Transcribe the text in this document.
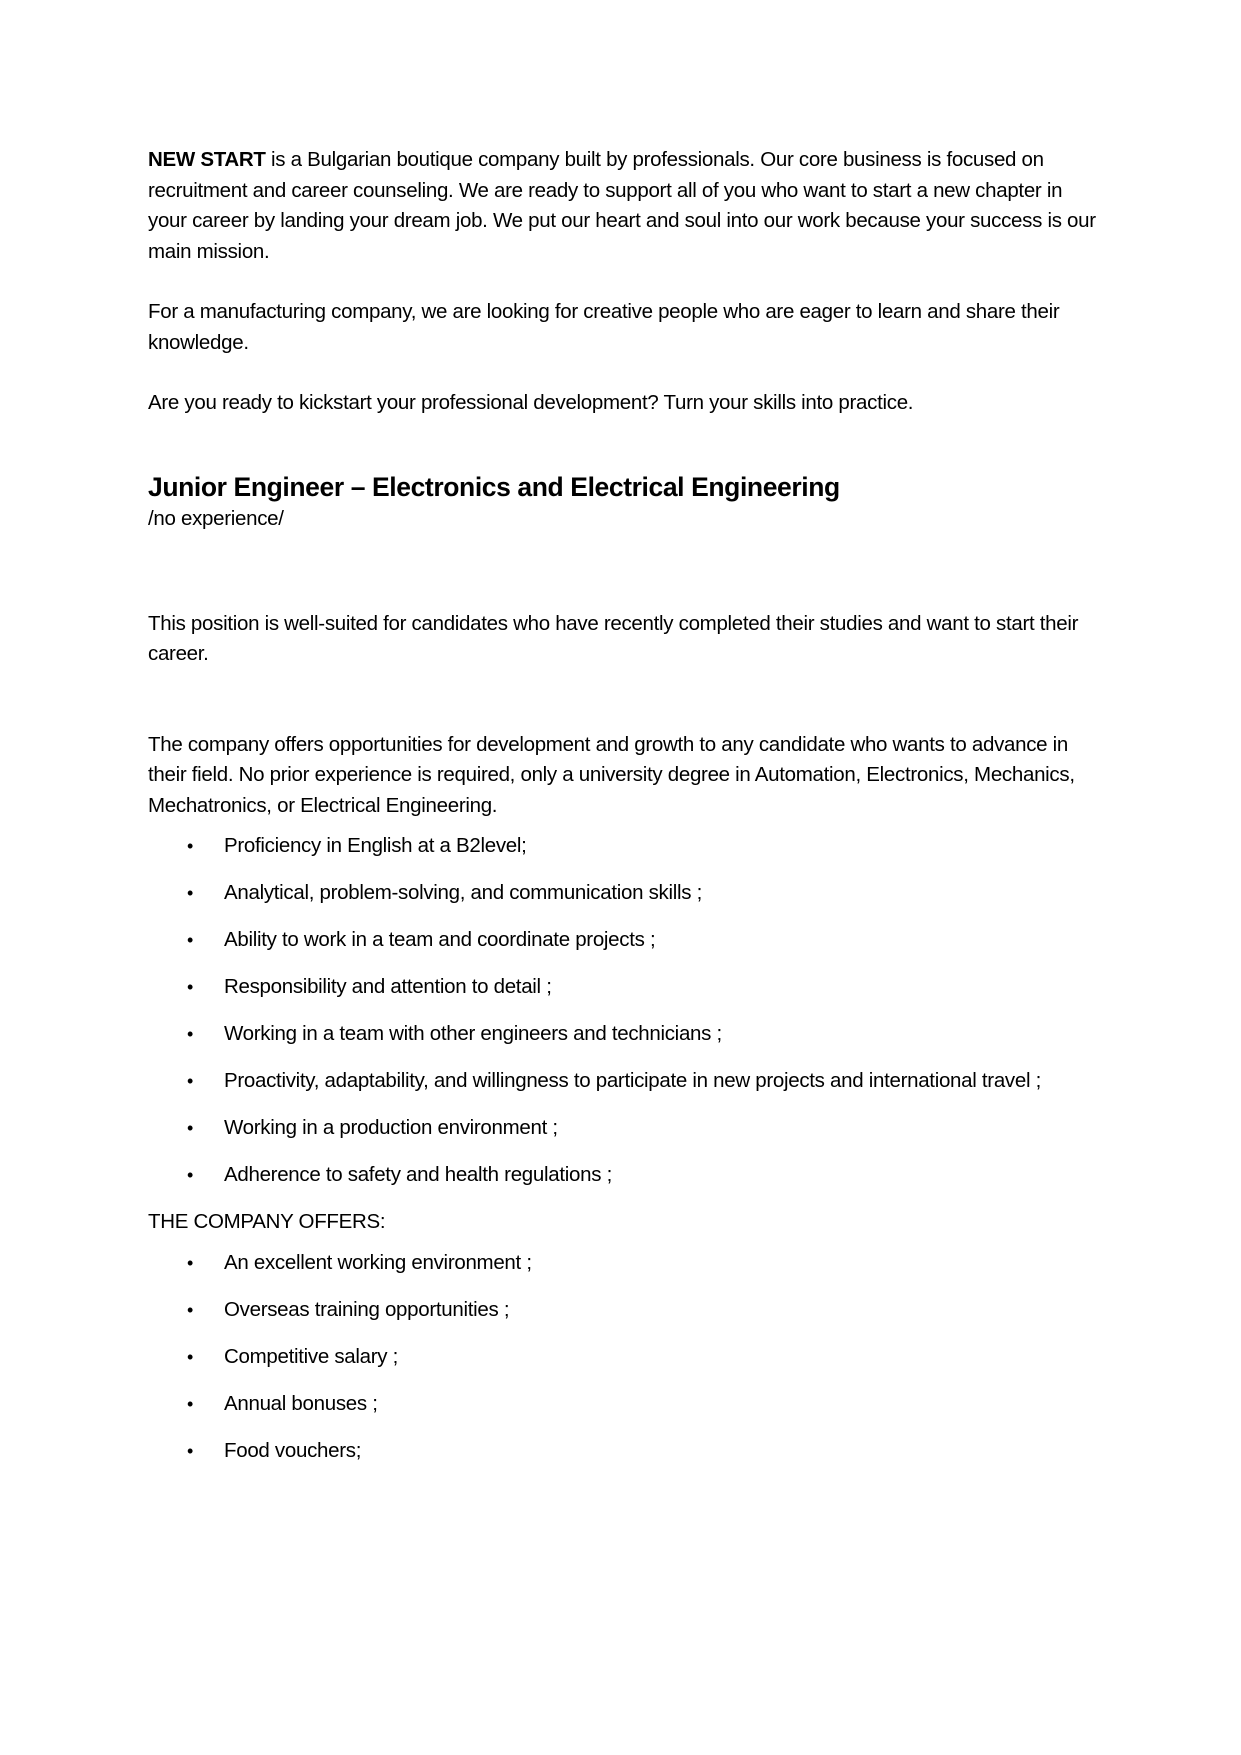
NEW START is a Bulgarian boutique company built by professionals. Our core business is focused on recruitment and career counseling. We are ready to support all of you who want to start a new chapter in your career by landing your dream job. We put our heart and soul into our work because your success is our main mission.

For a manufacturing company, we are looking for creative people who are eager to learn and share their knowledge.

Are you ready to kickstart your professional development? Turn your skills into practice.

Junior Engineer – Electronics and Electrical Engineering

/no experience/

This position is well-suited for candidates who have recently completed their studies and want to start their career.

The company offers opportunities for development and growth to any candidate who wants to advance in their field. No prior experience is required, only a university degree in Automation, Electronics, Mechanics, Mechatronics, or Electrical Engineering.

• Proficiency in English at a B2level;
• Analytical, problem-solving, and communication skills ;
• Ability to work in a team and coordinate projects ;
• Responsibility and attention to detail ;
• Working in a team with other engineers and technicians ;
• Proactivity, adaptability, and willingness to participate in new projects and international travel ;
• Working in a production environment ;
• Adherence to safety and health regulations ;

THE COMPANY OFFERS:

• An excellent working environment ;
• Overseas training opportunities ;
• Competitive salary ;
• Annual bonuses ;
• Food vouchers;
